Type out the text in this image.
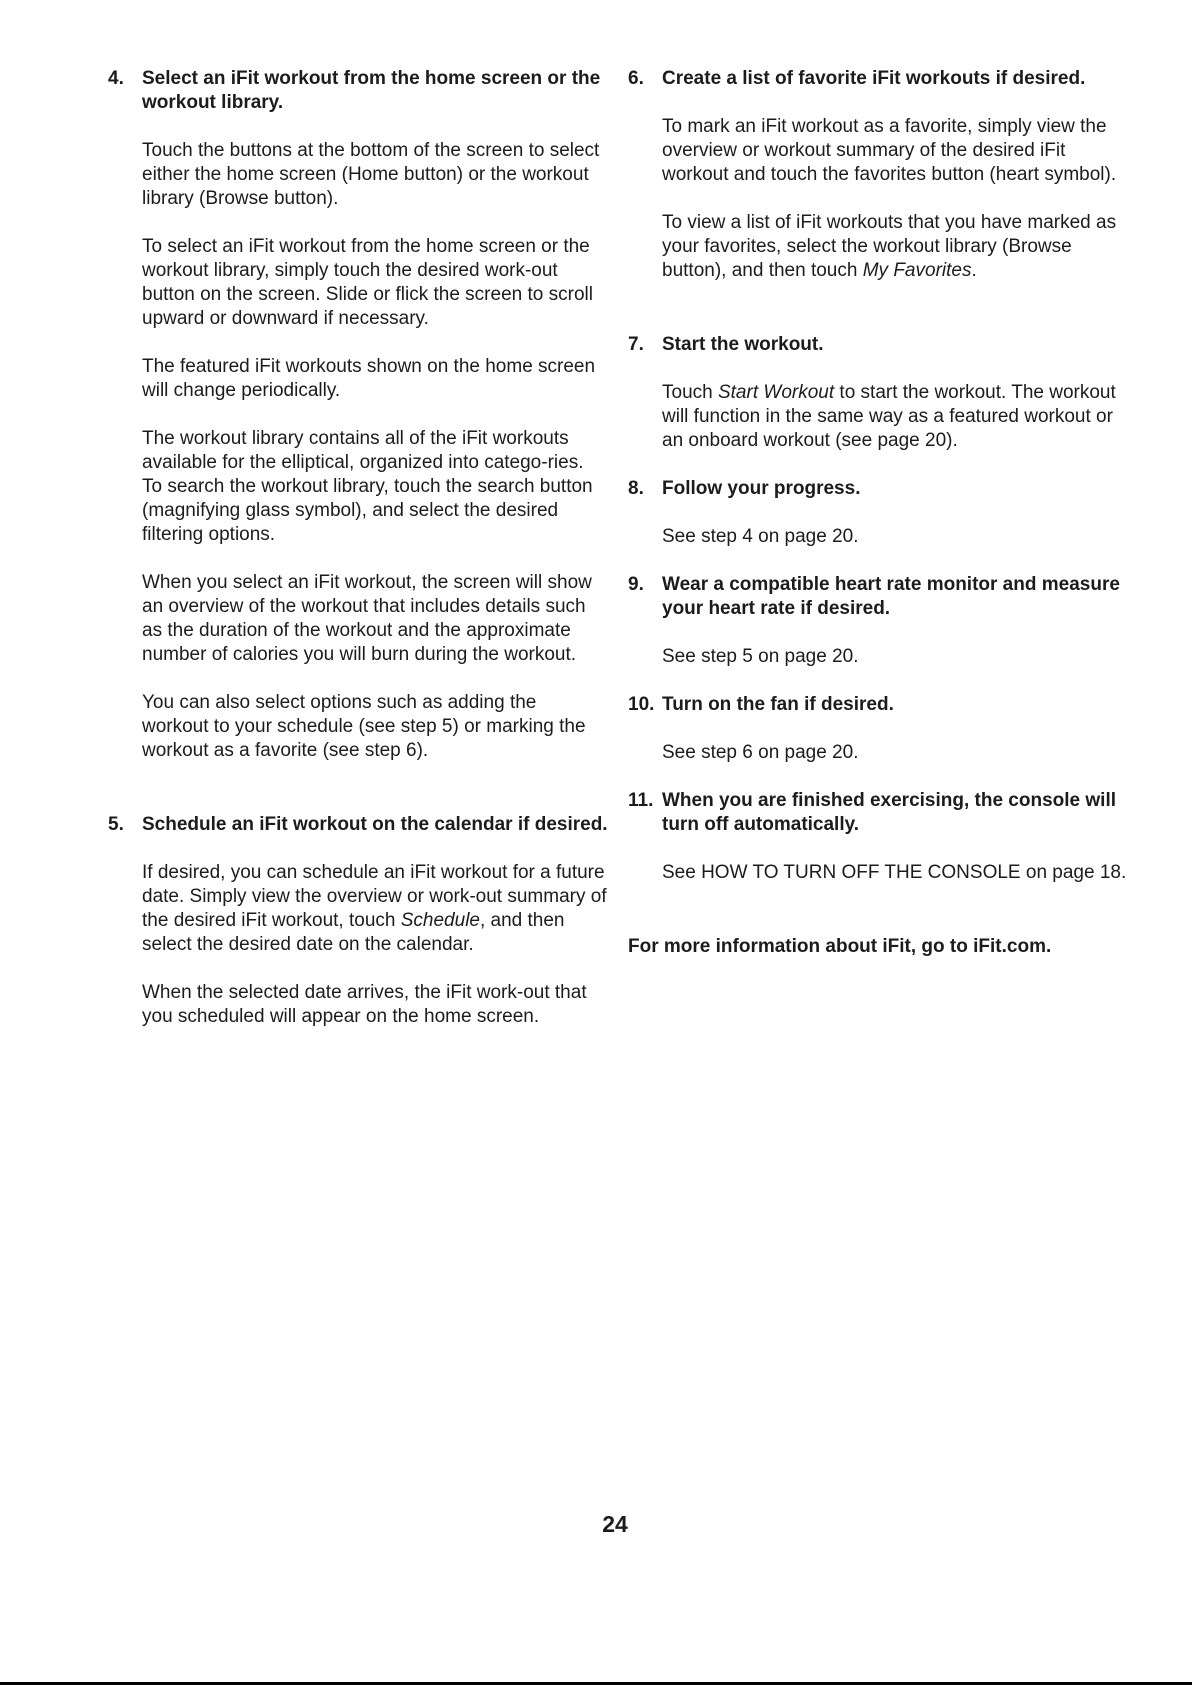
4. Select an iFit workout from the home screen or the workout library.

Touch the buttons at the bottom of the screen to select either the home screen (Home button) or the workout library (Browse button).

To select an iFit workout from the home screen or the workout library, simply touch the desired work-out button on the screen. Slide or flick the screen to scroll upward or downward if necessary.

The featured iFit workouts shown on the home screen will change periodically.

The workout library contains all of the iFit workouts available for the elliptical, organized into catego-ries. To search the workout library, touch the search button (magnifying glass symbol), and select the desired filtering options.

When you select an iFit workout, the screen will show an overview of the workout that includes details such as the duration of the workout and the approximate number of calories you will burn during the workout.

You can also select options such as adding the workout to your schedule (see step 5) or marking the workout as a favorite (see step 6).

5. Schedule an iFit workout on the calendar if desired.

If desired, you can schedule an iFit workout for a future date. Simply view the overview or work-out summary of the desired iFit workout, touch Schedule, and then select the desired date on the calendar.

When the selected date arrives, the iFit work-out that you scheduled will appear on the home screen.

6. Create a list of favorite iFit workouts if desired.

To mark an iFit workout as a favorite, simply view the overview or workout summary of the desired iFit workout and touch the favorites button (heart symbol).

To view a list of iFit workouts that you have marked as your favorites, select the workout library (Browse button), and then touch My Favorites.

7. Start the workout.

Touch Start Workout to start the workout. The workout will function in the same way as a featured workout or an onboard workout (see page 20).

8. Follow your progress.

See step 4 on page 20.

9. Wear a compatible heart rate monitor and measure your heart rate if desired.

See step 5 on page 20.

10. Turn on the fan if desired.

See step 6 on page 20.

11. When you are finished exercising, the console will turn off automatically.

See HOW TO TURN OFF THE CONSOLE on page 18.

For more information about iFit, go to iFit.com.
24
